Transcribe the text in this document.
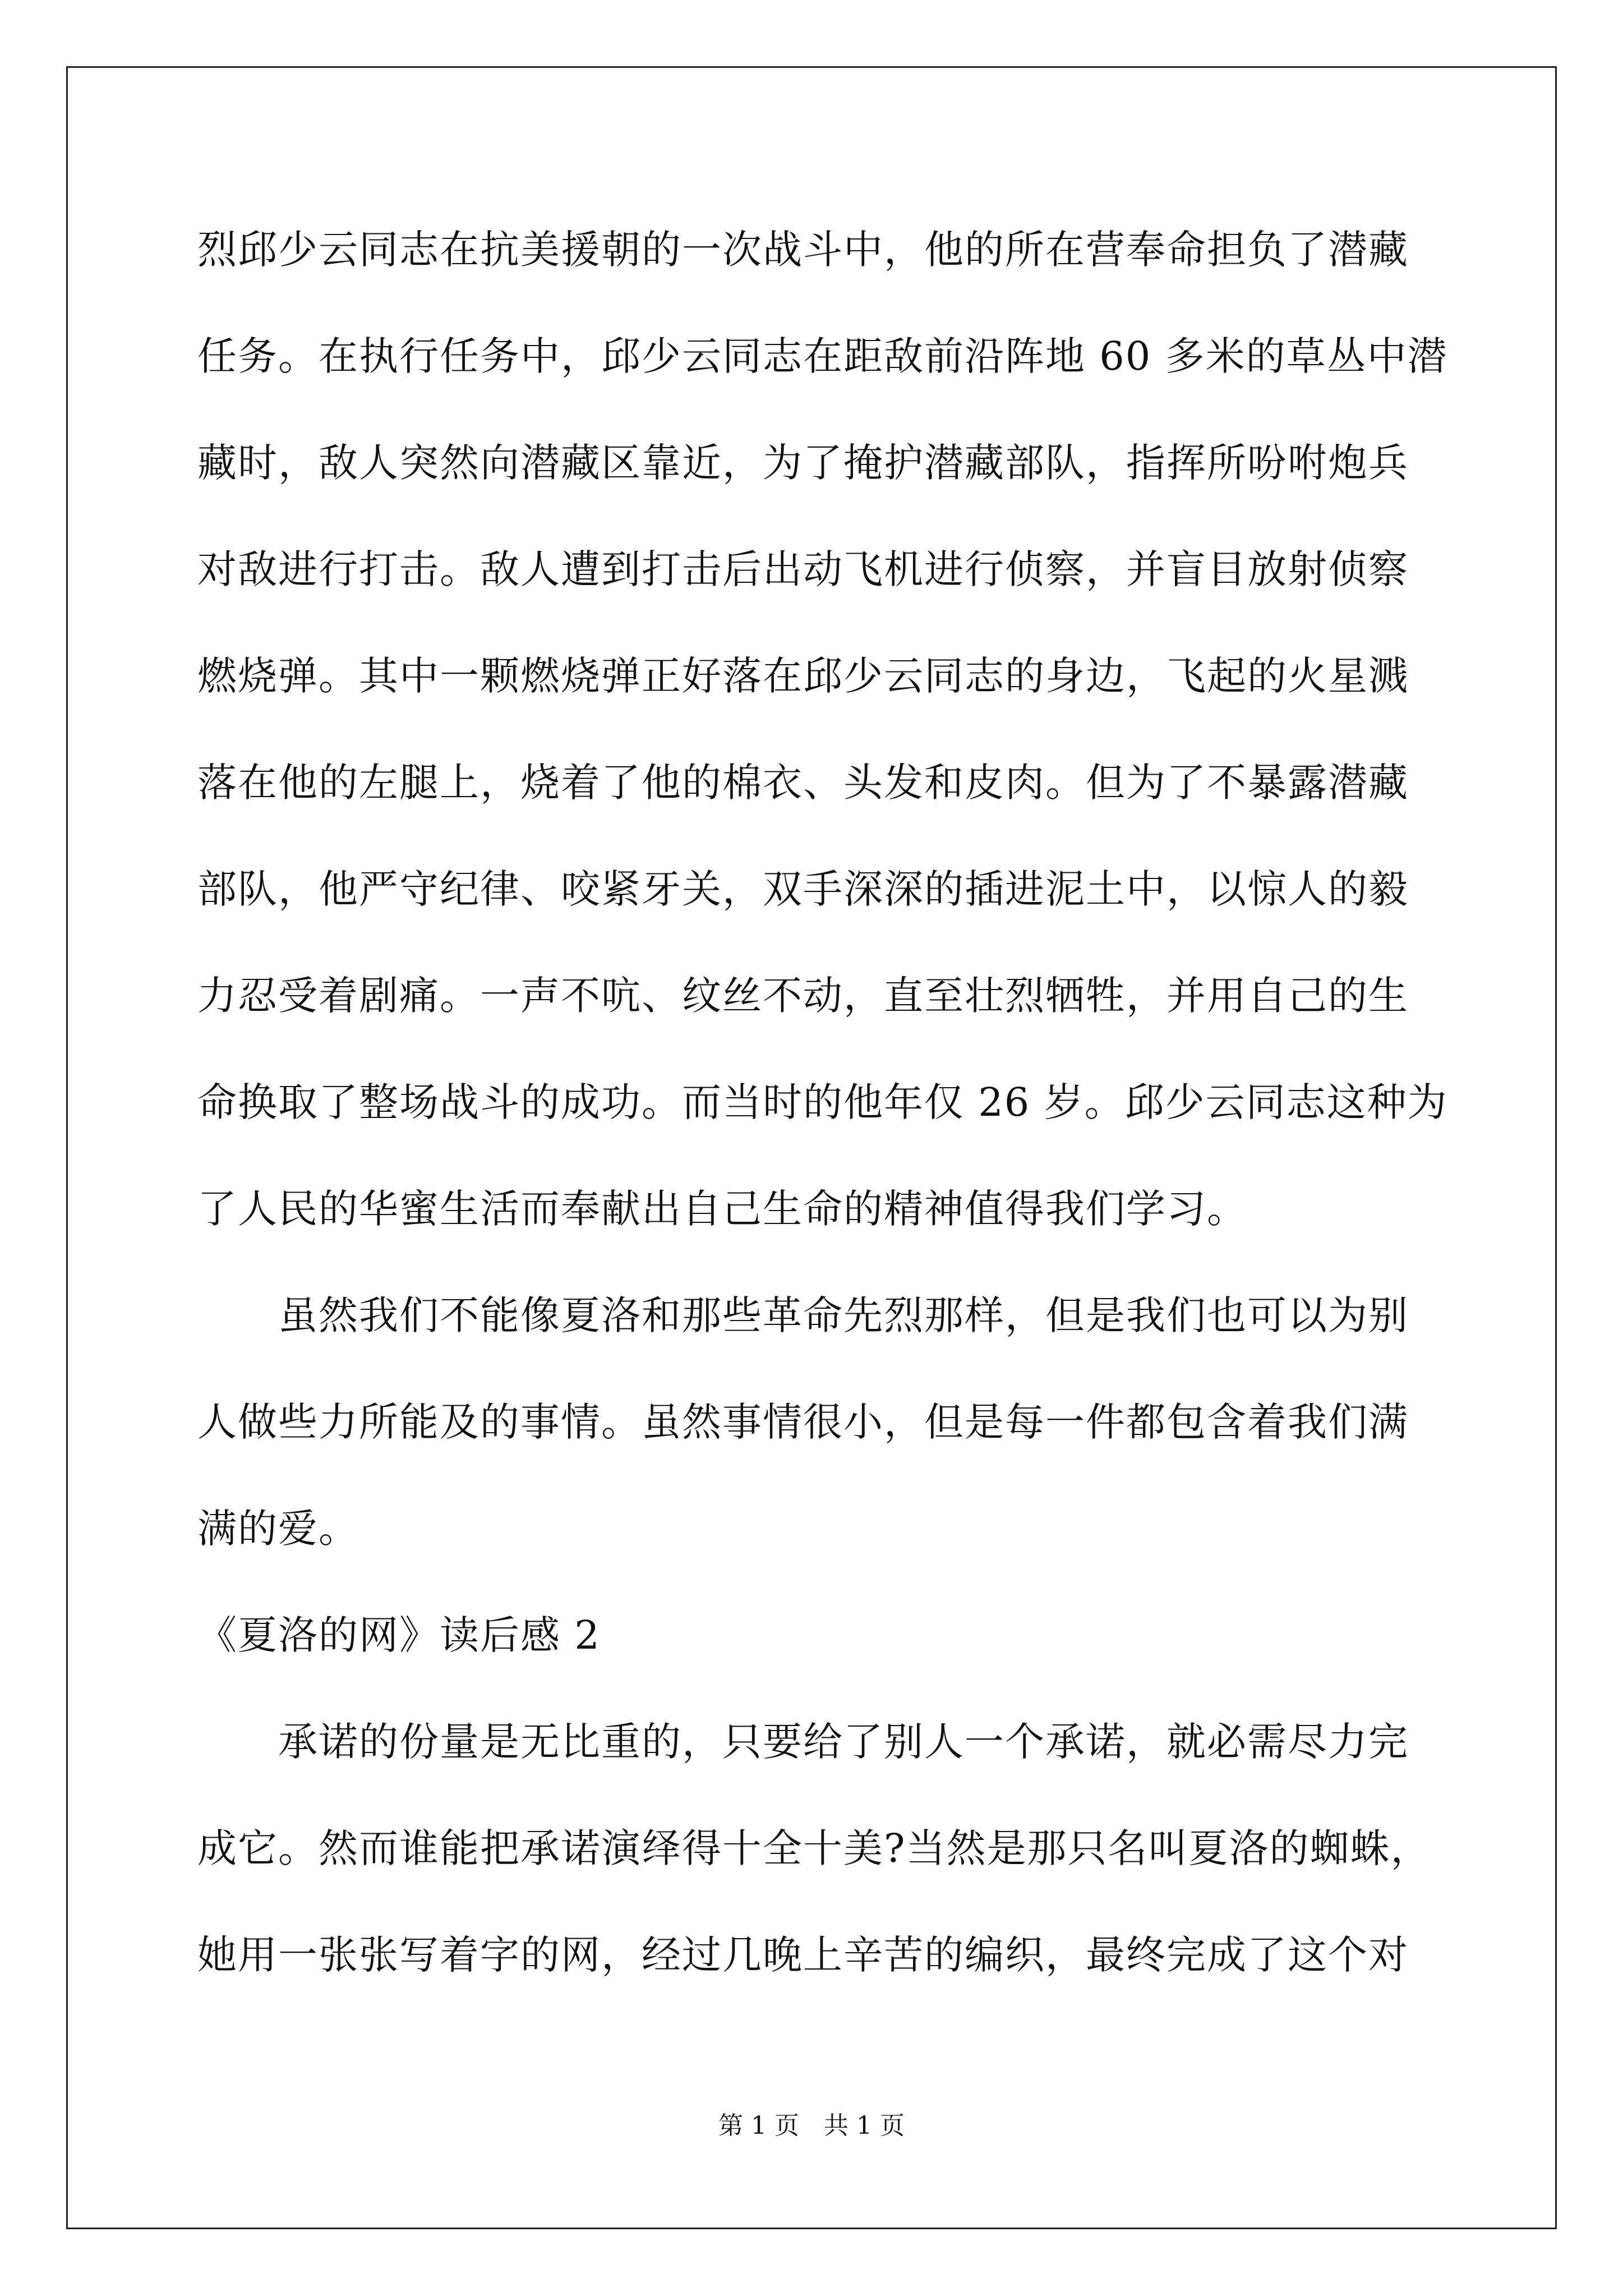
烈邱少云同志在抗美援朝的一次战斗中，他的所在营奉命担负了潜藏
任务。在执行任务中，邱少云同志在距敌前沿阵地 60 多米的草丛中潜
藏时，敌人突然向潜藏区靠近，为了掩护潜藏部队，指挥所吩咐炮兵
对敌进行打击。敌人遭到打击后出动飞机进行侦察，并盲目放射侦察
燃烧弹。其中一颗燃烧弹正好落在邱少云同志的身边，飞起的火星溅
落在他的左腿上，烧着了他的棉衣、头发和皮肉。但为了不暴露潜藏
部队，他严守纪律、咬紧牙关，双手深深的插进泥土中，以惊人的毅
力忍受着剧痛。一声不吭、纹丝不动，直至壮烈牺牲，并用自己的生
命换取了整场战斗的成功。而当时的他年仅 26 岁。邱少云同志这种为
了人民的华蜜生活而奉献出自己生命的精神值得我们学习。
　　虽然我们不能像夏洛和那些革命先烈那样，但是我们也可以为别
人做些力所能及的事情。虽然事情很小，但是每一件都包含着我们满
满的爱。
《夏洛的网》读后感 2
　　承诺的份量是无比重的，只要给了别人一个承诺，就必需尽力完
成它。然而谁能把承诺演绎得十全十美?当然是那只名叫夏洛的蜘蛛，
她用一张张写着字的网，经过几晚上辛苦的编织，最终完成了这个对
第 1 页　共 1 页
